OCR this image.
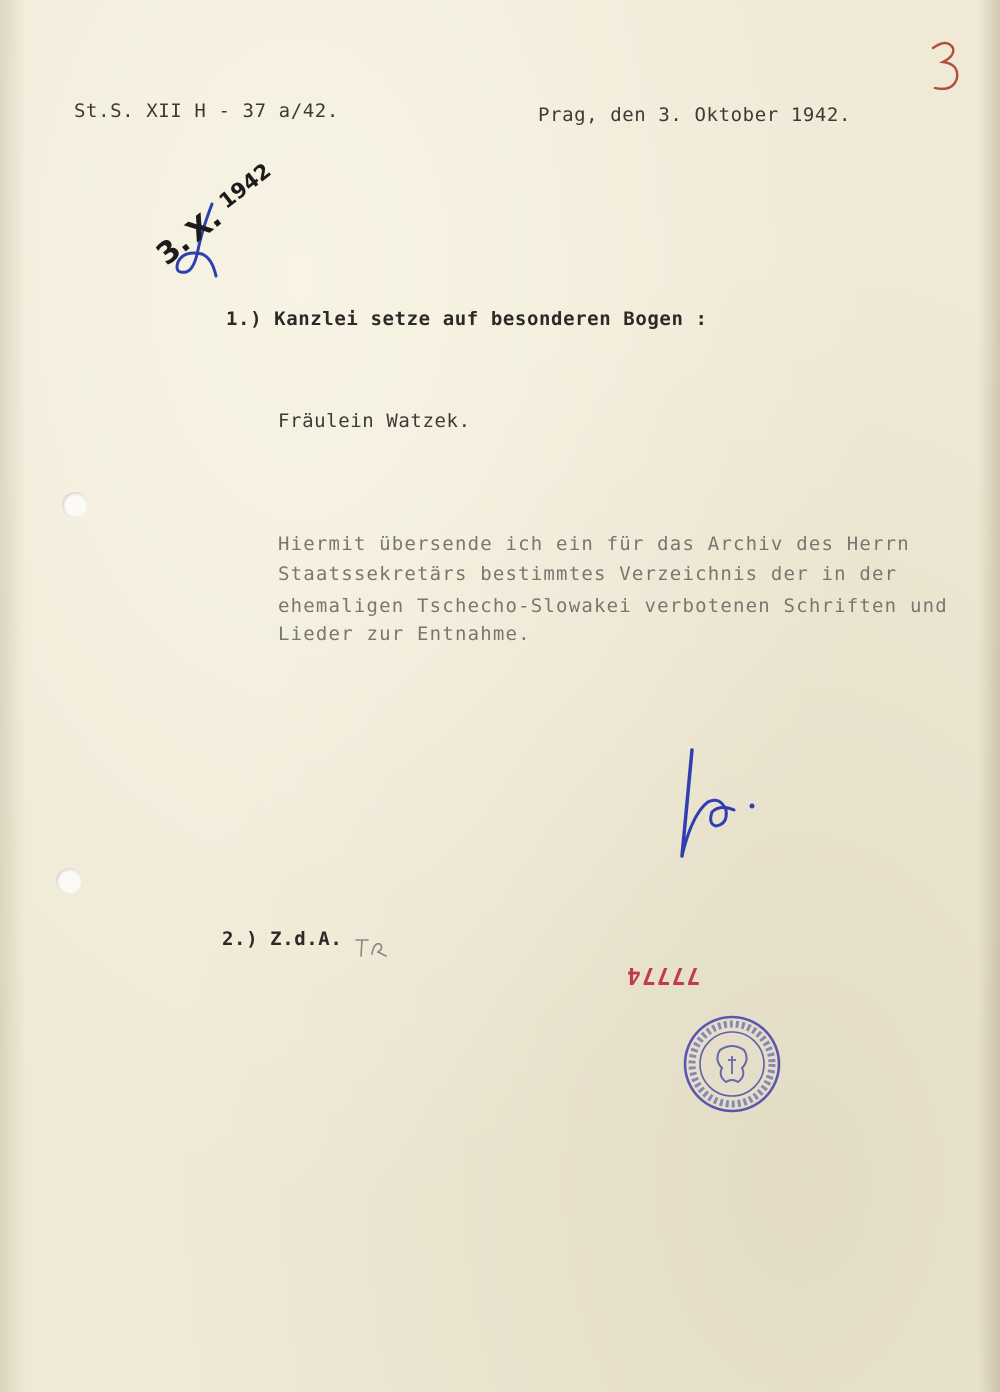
St.S. XII H - 37 a/42.	Prag, den 3. Oktober 1942.
3. X. 1942
1.) Kanzlei setze auf besonderen Bogen :
Fräulein Watzek.
Hiermit übersende ich ein für das Archiv des Herrn
Staatssekretärs bestimmtes Verzeichnis der in der
ehemaligen Tschecho-Slowakei verbotenen Schriften und
Lieder zur Entnahme.
2.) Z.d.A.
77774
